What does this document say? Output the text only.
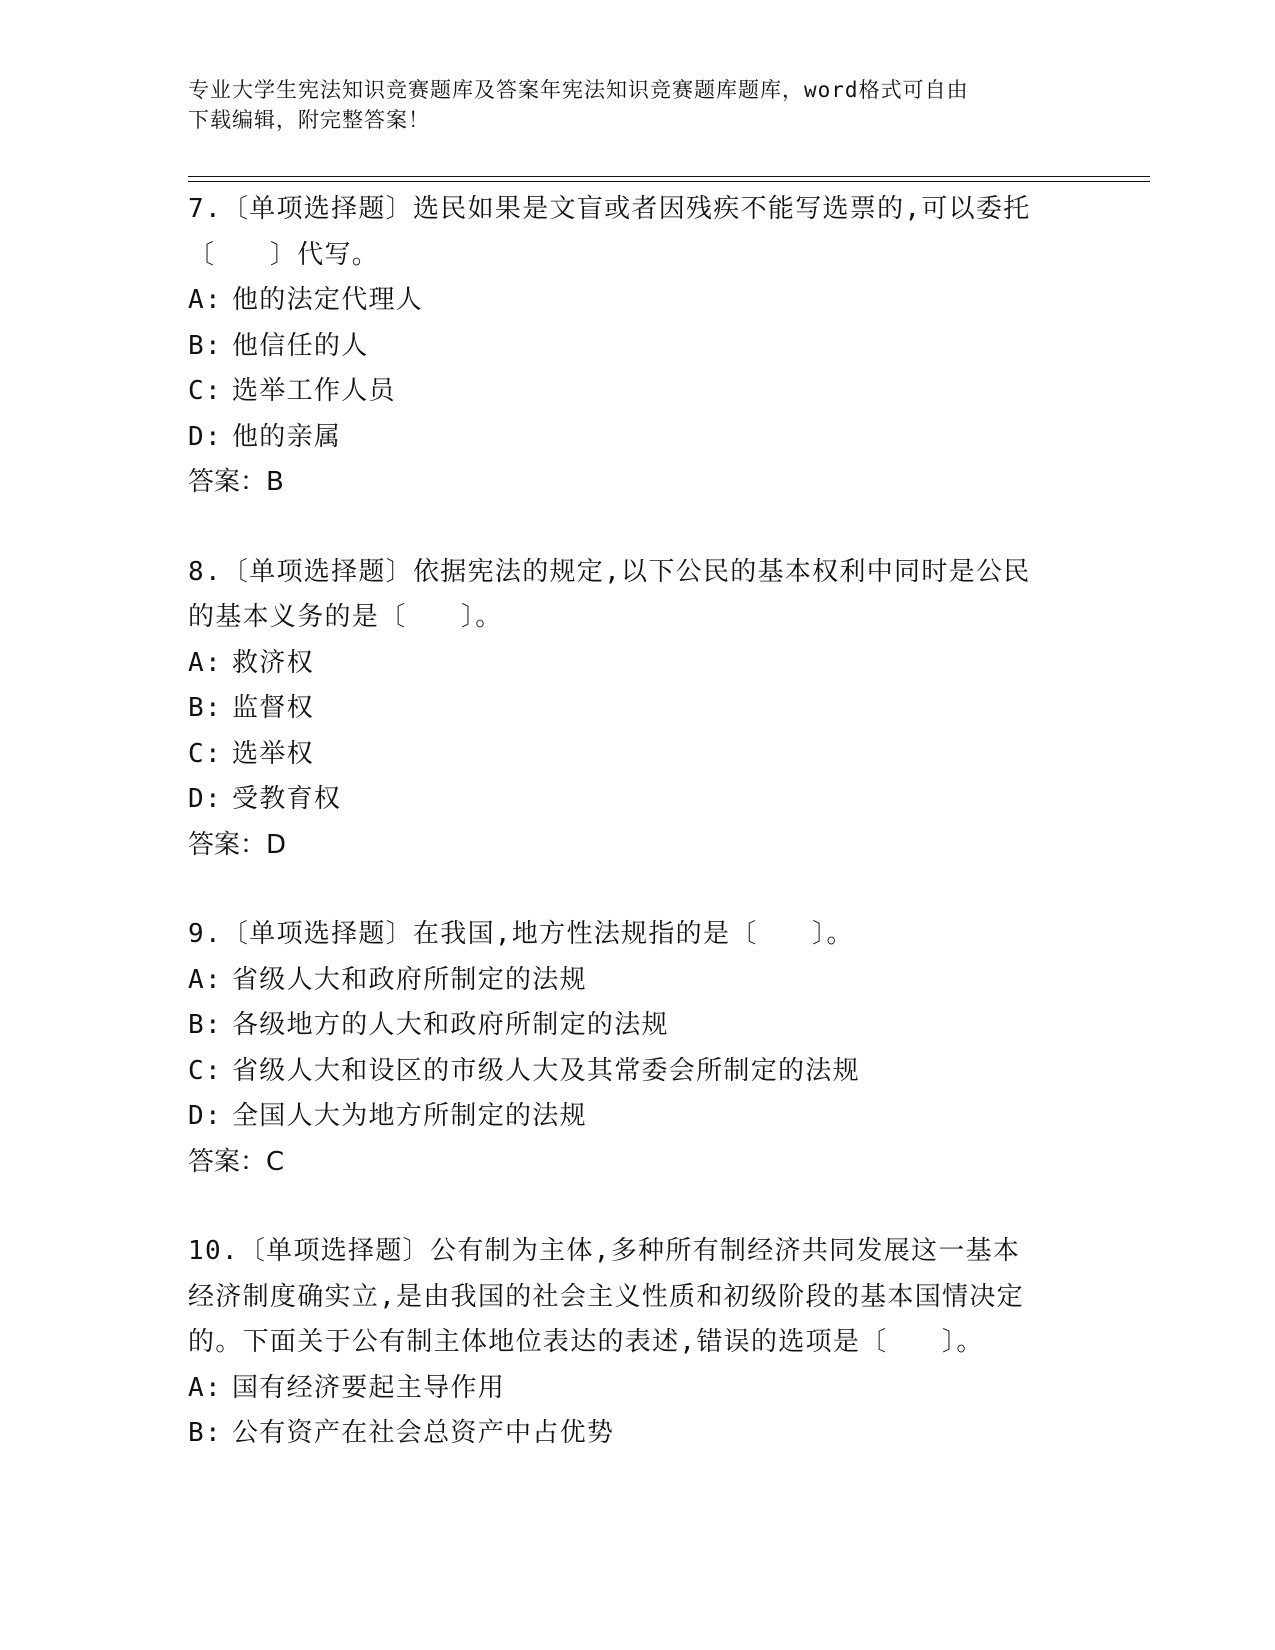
专业大学生宪法知识竞赛题库及答案年宪法知识竞赛题库题库，word格式可自由

下载编辑，附完整答案！

7.〔单项选择题〕选民如果是文盲或者因残疾不能写选票的,可以委托

〔　　〕代写。

A: 他的法定代理人
B: 他信任的人
C: 选举工作人员
D: 他的亲属

答案：B

8.〔单项选择题〕依据宪法的规定,以下公民的基本权利中同时是公民

的基本义务的是〔　　〕。

A: 救济权
B: 监督权
C: 选举权
D: 受教育权

答案：D

9.〔单项选择题〕在我国,地方性法规指的是〔　　〕。

A: 省级人大和政府所制定的法规
B: 各级地方的人大和政府所制定的法规
C: 省级人大和设区的市级人大及其常委会所制定的法规
D: 全国人大为地方所制定的法规

答案：C

10.〔单项选择题〕公有制为主体,多种所有制经济共同发展这一基本

经济制度确实立,是由我国的社会主义性质和初级阶段的基本国情决定

的。下面关于公有制主体地位表达的表述,错误的选项是〔　　〕。

A: 国有经济要起主导作用
B: 公有资产在社会总资产中占优势
